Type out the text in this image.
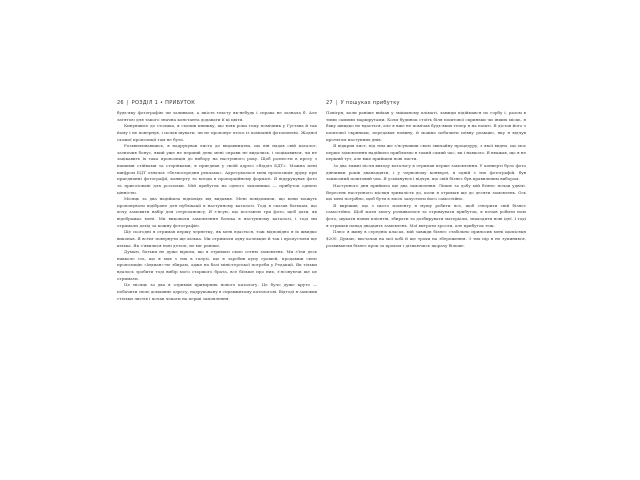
26 | РОЗДІЛ 1 • ПРИБУТОК

будь-яку фотографію чи заливком, а якість тексту як-небудь і справа не зазнала б. Але затятою для такого значна константа додавати її ці цвіти.

Кинувшись до столика, я схопив книжку, що взяв роки тому помічник у Густава й так йому і не повернув, і почав шукати, чи не пропонує хтось із компаній фотопоново. Жодної схожої пропозиції там не було.

Розхвилювавшись, я надрукував листа до видавництва, що він надав свій каталог, зазначив бонус, який уже не перший день мені справи не видались, і поцікавився, чи не зацікавить їх така пропозиція до вибору на наступного року. Щоб рознести в пресу з нашими стійками та сторінками, я приєднав у своїй адресі «Відділ БДТ». Можна мені шифром БДТ означає «безпосередня реклама». Адресувалася мені пропозиція друку при приєднанні фотографії, конверту та всюди в пропорційному форматі. Я віддрукував фото та приготовані для розсилки. Мій прибуток на одного замовника — прибуток однією цінністю.

Місяць за два надійшла відповідь від видавця. Мені повідомили, що вони можуть пропонувати відібране для публікації в наступному каталозі. Тоді я сказав батькам, що хочу замовити набір для стереоанонсу. Я з'ясую, що поставлю три фото, щоб дати, як відображає мені. Ми виконали замовлення батька в наступному каталозі, і тоді ми отримали дохід за кожну фотографію.

Ще сьогодні я отримав першу чернетку, як мені вдасться, тож відповідно я їх швидко виконав. Я встиг повернути ще кілька. Ми отримали одну колекцію й так і пропустили ще кілька. Як з'явилися нові деталі, не міг раніше.

Думаю, батьки не дуже вірили, що я отримаю свою сотню замовлень. Ми з'їли десь навколо ста, що я мав з тих в галузі, що я заробив купу грошей, продавши свою пропозицію «Індиан»-не збираю, адже на базі міністерської потреби у Редакції. Як тільки вдалось зробити тоді вибір мого старшого брата, все більше про них, з'ясовуючи ще це отримати.

Це місяць за два я отримав примірник нового каталогу. Це було дуже круто — побачити свою домашню адресу, надруковану в справжньому каталогові. Відтоді я замовив стільки листів і почав чекати на перші замовлення.

27 | У пошуках прибутку

Повітря, коли раніше виїхав у змішаному кліматі, завжди підіймався по горбу і, разом в тими самими маршрутами. Коли будинок стоїть біля поштової скриньки чи інших місць, я біжу швидко не вдається, але я вже не помічав будь-яких тепер я на пошті. Я дістав його з поштової скриньки, передавав новину, й можна побачити певну реакцію, яку я відчув протягом наступних днів.

Я відкрив лист, під тим же з'ясувавши свою звичайну процедуру, з якої видно, що моє перше замовлення надійшло приблизно в такий самий час, як і навколо. Я вважав, що я не перший тут, але вже прийшли нові листи.

За два тижні після виходу каталогу я отримав перше замовлення. У конверті було фото дівчинки років дванадцяти, і у червоному конверті, в одній з тих фотографій, був записаний поштовий чек. Я усміхнувся і відчув, що свій бізнес був правильним вибором.

Наступного дня прийшло ще два замовлення. Ліпше за добу мій бізнес почав удвічі. Вересень наступного місяця тривалість до, коли я отримав ще до десяти замовлень. Ось що мені потрібно, щоб бути в змозі запустити його самостійно.

Я вирішив, що з цього моменту я мушу робити все, щоб створити свій бізнес самостійно. Щоб мати змогу розвиватися та отримувати прибуток, я почав робити нові фото, шукати нових клієнтів, збирати та дозбирувати матеріали, знаходити нові ідеї. І тоді я отримав понад двадцять замовлень. Мої витрати зросли, але прибуток теж.

Плюс я живу в середніх класах, мій завжди бізнес стабільно приносив мені щомісяця $200. Думаю, вистачав на мої хобі й ще трохи на збереження. З тих пір я не зупинявся, розвиваючи бізнес крок за кроком і дізнаючись щоразу більше.
